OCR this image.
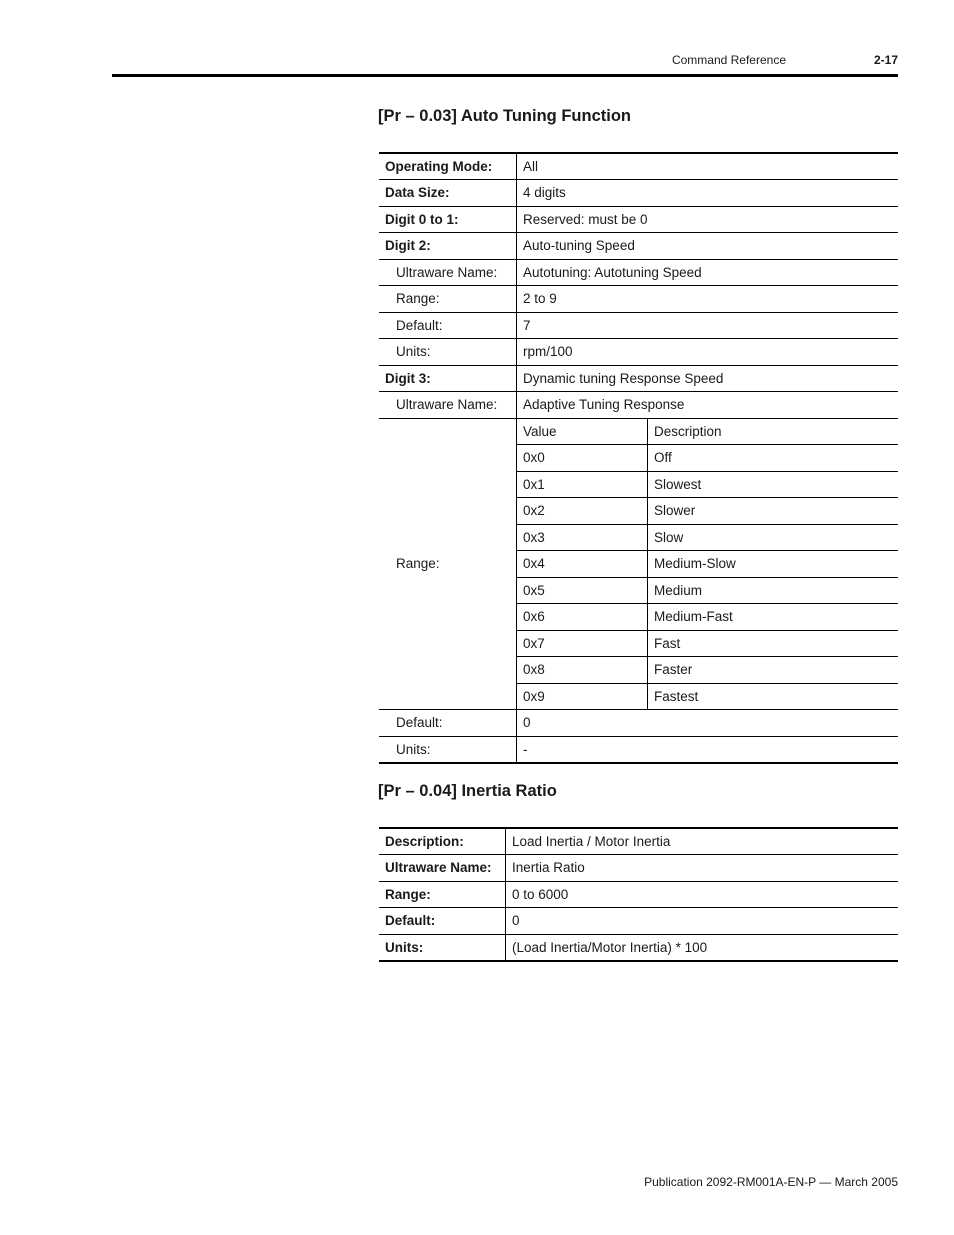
Command Reference	2-17
[Pr – 0.03] Auto Tuning Function
Operating Mode:	All	
Data Size:	4 digits	
Digit 0 to 1:	Reserved: must be 0	
Digit 2:	Auto-tuning Speed	
Ultraware Name:	Autotuning: Autotuning Speed	
Range:	2 to 9	
Default:	7	
Units:	rpm/100	
Digit 3:	Dynamic tuning Response Speed	
Ultraware Name:	Adaptive Tuning Response	
Range:	Value	Description
	0x0	Off
	0x1	Slowest
	0x2	Slower
	0x3	Slow
	0x4	Medium-Slow
	0x5	Medium
	0x6	Medium-Fast
	0x7	Fast
	0x8	Faster
	0x9	Fastest
Default:	0	
Units:	-	
[Pr – 0.04] Inertia Ratio
Description:	Load Inertia / Motor Inertia
Ultraware Name:	Inertia Ratio
Range:	0 to 6000
Default:	0
Units:	(Load Inertia/Motor Inertia) * 100
Publication 2092-RM001A-EN-P — March 2005
